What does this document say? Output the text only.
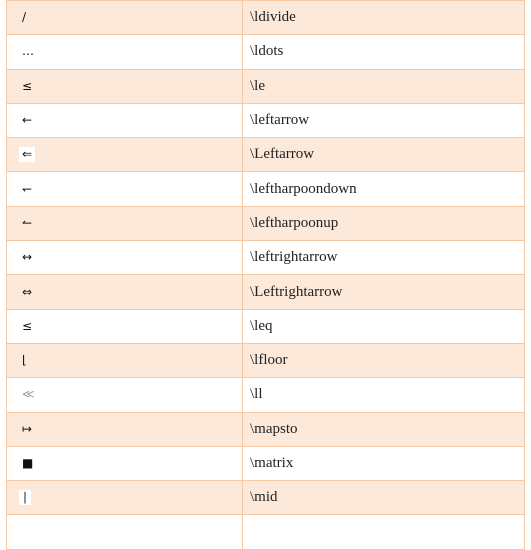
∕	\ldivide
…	\ldots
≤	\le
←	\leftarrow
⇐	\Leftarrow
↽	\leftharpoondown
↼	\leftharpoonup
↔	\leftrightarrow
⇔	\Leftrightarrow
≤	\leq
⌊	\lfloor
≪	\ll
↦	\mapsto
■	\matrix
∣	\mid
